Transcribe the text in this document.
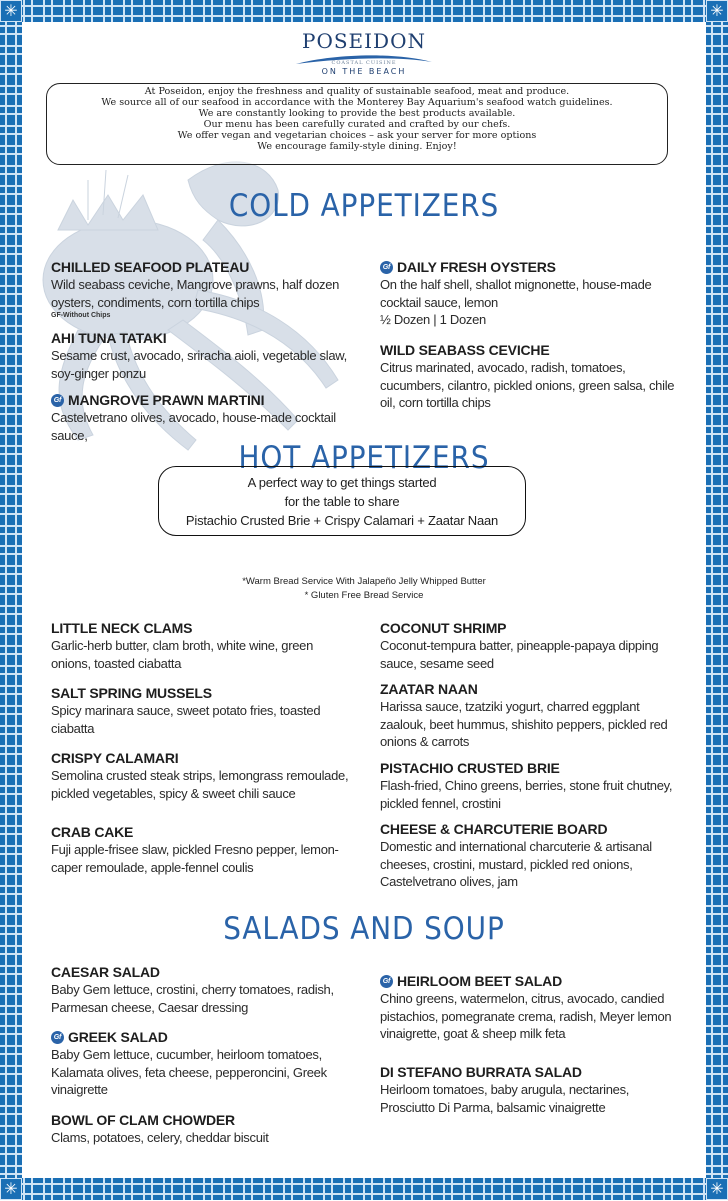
✳	✳
✳	✳
POSEIDON
COASTAL CUISINE
ON THE BEACH
At Poseidon, enjoy the freshness and quality of sustainable seafood, meat and produce.
We source all of our seafood in accordance with the Monterey Bay Aquarium's seafood watch guidelines.
We are constantly looking to provide the best products available.
Our menu has been carefully curated and crafted by our chefs.
We offer vegan and vegetarian choices – ask your server for more options
We encourage family-style dining. Enjoy!
COLD APPETIZERS
CHILLED SEAFOOD PLATEAU
Wild seabass ceviche, Mangrove prawns, half dozen oysters, condiments, corn tortilla chips
GF-Without Chips
AHI TUNA TATAKI
Sesame crust, avocado, sriracha aioli, vegetable slaw, soy-ginger ponzu
Gf MANGROVE PRAWN MARTINI
Castelvetrano olives, avocado, house-made cocktail sauce,
Gf DAILY FRESH OYSTERS
On the half shell, shallot mignonette, house-made cocktail sauce, lemon
½ Dozen | 1 Dozen
WILD SEABASS CEVICHE
Citrus marinated, avocado, radish, tomatoes, cucumbers, cilantro, pickled onions, green salsa, chile oil, corn tortilla chips
HOT APPETIZERS
A perfect way to get things started
for the table to share
Pistachio Crusted Brie + Crispy Calamari + Zaatar Naan
*Warm Bread Service With Jalapeño Jelly Whipped Butter
* Gluten Free Bread Service
LITTLE NECK CLAMS
Garlic-herb butter, clam broth, white wine, green onions, toasted ciabatta
SALT SPRING MUSSELS
Spicy marinara sauce, sweet potato fries, toasted ciabatta
CRISPY CALAMARI
Semolina crusted steak strips, lemongrass remoulade, pickled vegetables, spicy & sweet chili sauce
CRAB CAKE
Fuji apple-frisee slaw, pickled Fresno pepper, lemon-caper remoulade, apple-fennel coulis
COCONUT SHRIMP
Coconut-tempura batter, pineapple-papaya dipping sauce, sesame seed
ZAATAR NAAN
Harissa sauce, tzatziki yogurt, charred eggplant zaalouk, beet hummus, shishito peppers, pickled red onions & carrots
PISTACHIO CRUSTED BRIE
Flash-fried, Chino greens, berries, stone fruit chutney, pickled fennel, crostini
CHEESE & CHARCUTERIE BOARD
Domestic and international charcuterie & artisanal cheeses, crostini, mustard, pickled red onions, Castelvetrano olives, jam
SALADS AND SOUP
CAESAR SALAD
Baby Gem lettuce, crostini, cherry tomatoes, radish, Parmesan cheese, Caesar dressing
Gf GREEK SALAD
Baby Gem lettuce, cucumber, heirloom tomatoes, Kalamata olives, feta cheese, pepperoncini, Greek vinaigrette
BOWL OF CLAM CHOWDER
Clams, potatoes, celery, cheddar biscuit
Gf HEIRLOOM BEET SALAD
Chino greens, watermelon, citrus, avocado, candied pistachios, pomegranate crema, radish, Meyer lemon vinaigrette, goat & sheep milk feta
DI STEFANO BURRATA SALAD
Heirloom tomatoes, baby arugula, nectarines, Prosciutto Di Parma, balsamic vinaigrette
